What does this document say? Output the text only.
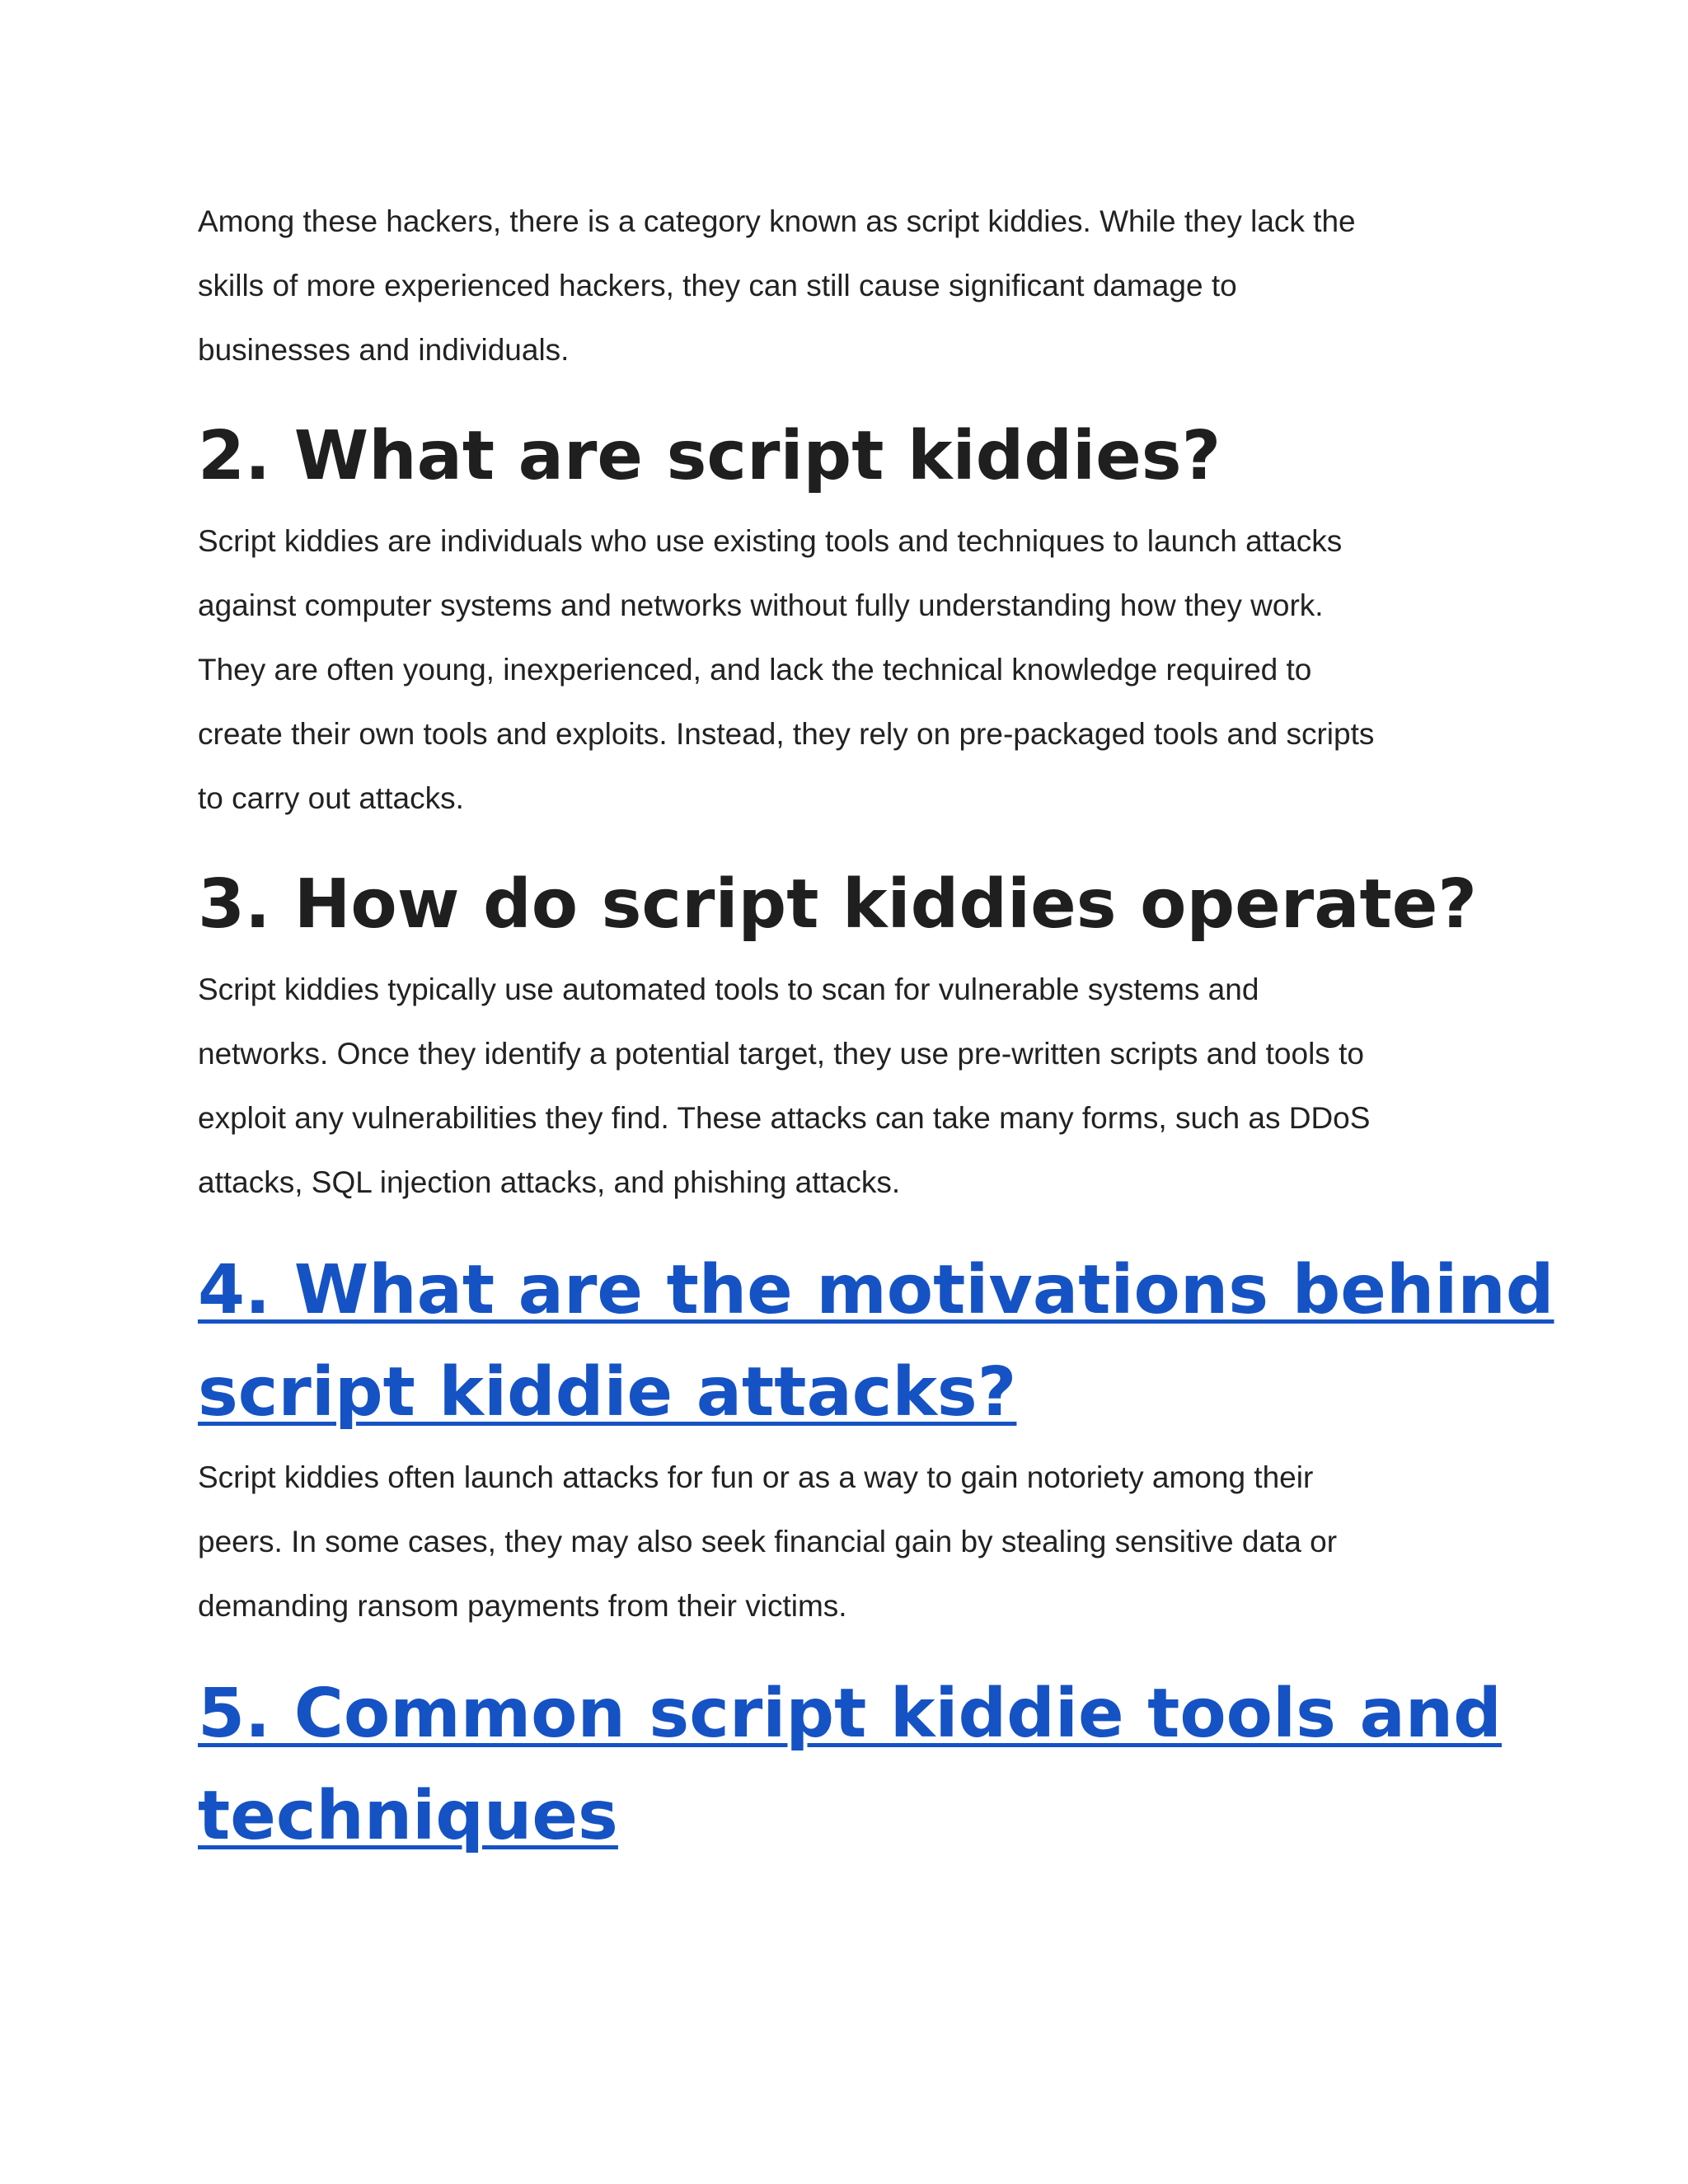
Among these hackers, there is a category known as script kiddies. While they lack the
skills of more experienced hackers, they can still cause significant damage to
businesses and individuals.

2. What are script kiddies?

Script kiddies are individuals who use existing tools and techniques to launch attacks
against computer systems and networks without fully understanding how they work.
They are often young, inexperienced, and lack the technical knowledge required to
create their own tools and exploits. Instead, they rely on pre-packaged tools and scripts
to carry out attacks.

3. How do script kiddies operate?

Script kiddies typically use automated tools to scan for vulnerable systems and
networks. Once they identify a potential target, they use pre-written scripts and tools to
exploit any vulnerabilities they find. These attacks can take many forms, such as DDoS
attacks, SQL injection attacks, and phishing attacks.

4. What are the motivations behind
script kiddie attacks?

Script kiddies often launch attacks for fun or as a way to gain notoriety among their
peers. In some cases, they may also seek financial gain by stealing sensitive data or
demanding ransom payments from their victims.

5. Common script kiddie tools and
techniques
